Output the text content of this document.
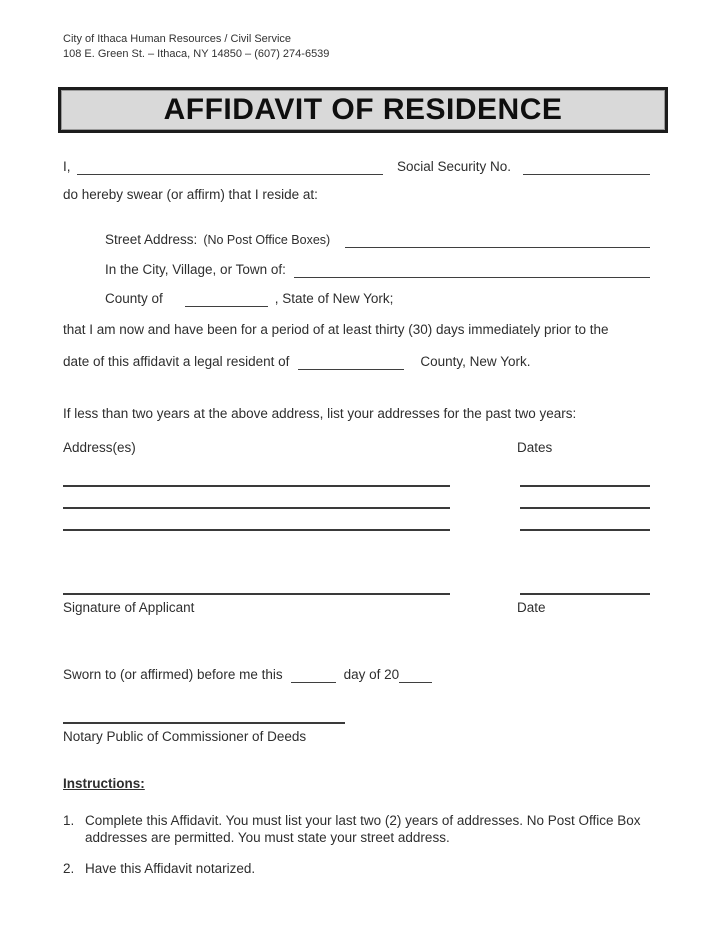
City of Ithaca Human Resources / Civil Service
108 E. Green St. – Ithaca, NY 14850 – (607) 274-6539
AFFIDAVIT OF RESIDENCE
I,	Social Security No.
do hereby swear (or affirm) that I reside at:
Street Address: (No Post Office Boxes)
In the City, Village, or Town of:
County of	, State of New York;
that I am now and have been for a period of at least thirty (30) days immediately prior to the
date of this affidavit a legal resident of	County, New York.
If less than two years at the above address, list your addresses for the past two years:
Address(es)	Dates
Signature of Applicant	Date
Sworn to (or affirmed) before me this	day of 20
Notary Public of Commissioner of Deeds
Instructions:
1. Complete this Affidavit. You must list your last two (2) years of addresses. No Post Office Box addresses are permitted. You must state your street address.
2. Have this Affidavit notarized.
